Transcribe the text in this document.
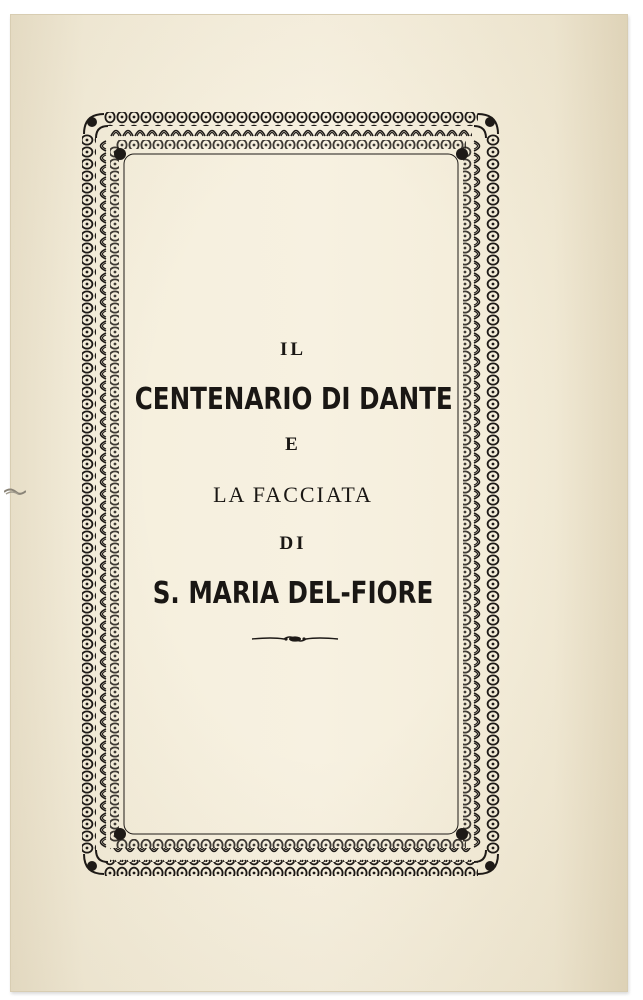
IL
CENTENARIO DI DANTE
E
LA FACCIATA
DI
S. MARIA DEL-FIORE
